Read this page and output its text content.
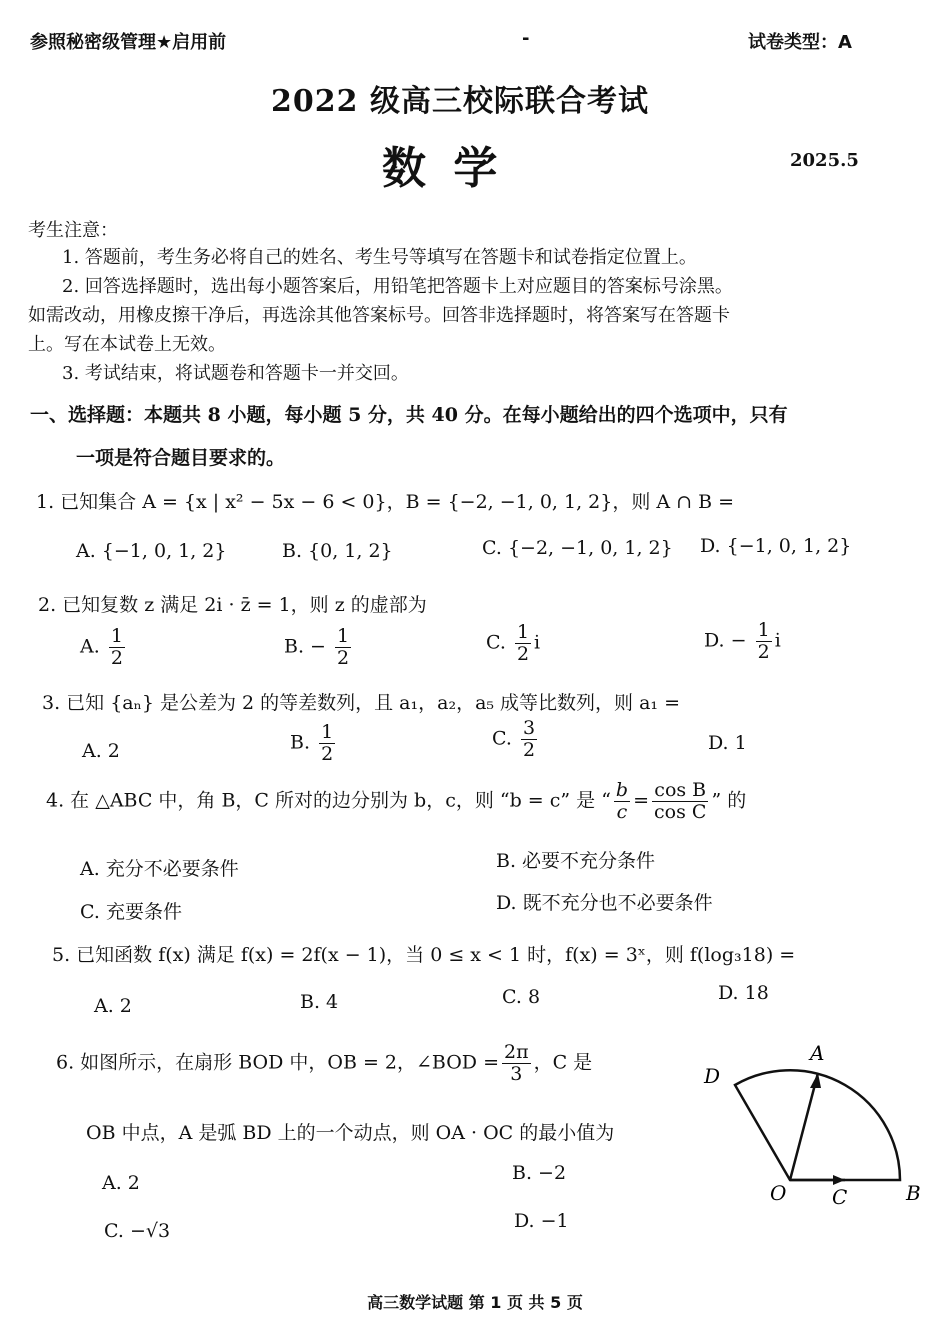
参照秘密级管理★启用前	-	试卷类型：A
2022 级高三校际联合考试
数 学	2025.5
考生注意：
1. 答题前，考生务必将自己的姓名、考生号等填写在答题卡和试卷指定位置上。
2. 回答选择题时，选出每小题答案后，用铅笔把答题卡上对应题目的答案标号涂黑。
如需改动，用橡皮擦干净后，再选涂其他答案标号。回答非选择题时，将答案写在答题卡
上。写在本试卷上无效。
3. 考试结束，将试题卷和答题卡一并交回。
一、选择题：本题共 8 小题，每小题 5 分，共 40 分。在每小题给出的四个选项中，只有
一项是符合题目要求的。
1. 已知集合 A = {x | x² − 5x − 6 < 0}，B = {−2, −1, 0, 1, 2}，则 A ∩ B =
A. {−1, 0, 1, 2}	B. {0, 1, 2}	C. {−2, −1, 0, 1, 2} D. {−1, 0, 1, 2}
2. 已知复数 z 满足 2i · z̄ = 1，则 z 的虚部为
A. $\frac{1}{2}$	B. − $\frac{1}{2}$	C. $\frac{1}{2}$ i	D. − $\frac{1}{2}$ i
3. 已知 {aₙ} 是公差为 2 的等差数列，且 a₁，a₂，a₅ 成等比数列，则 a₁ =
A. 2	B. $\frac{1}{2}$	C. $\frac{3}{2}$	D. 1
4. 在 △ABC 中，角 B，C 所对的边分别为 b，c，则 “b = c” 是 “ $\frac{b}{c} = \frac{\text{cos B}}{\text{cos C}}$ ” 的
A. 充分不必要条件	B. 必要不充分条件
C. 充要条件	D. 既不充分也不必要条件
5. 已知函数 f(x) 满足 f(x) = 2f(x − 1)，当 0 ≤ x < 1 时，f(x) = 3ˣ，则 f(log₃18) =
A. 2	B. 4	C. 8	D. 18
6. 如图所示，在扇形 BOD 中，OB = 2，∠BOD = $\frac{2\pi}{3}$ ，C 是
OB 中点，A 是弧 BD 上的一个动点，则 OA · OC 的最小值为
A. 2	B. −2
C. −√3	D. −1
A
D
O C	B
高三数学试题 第 1 页 共 5 页
